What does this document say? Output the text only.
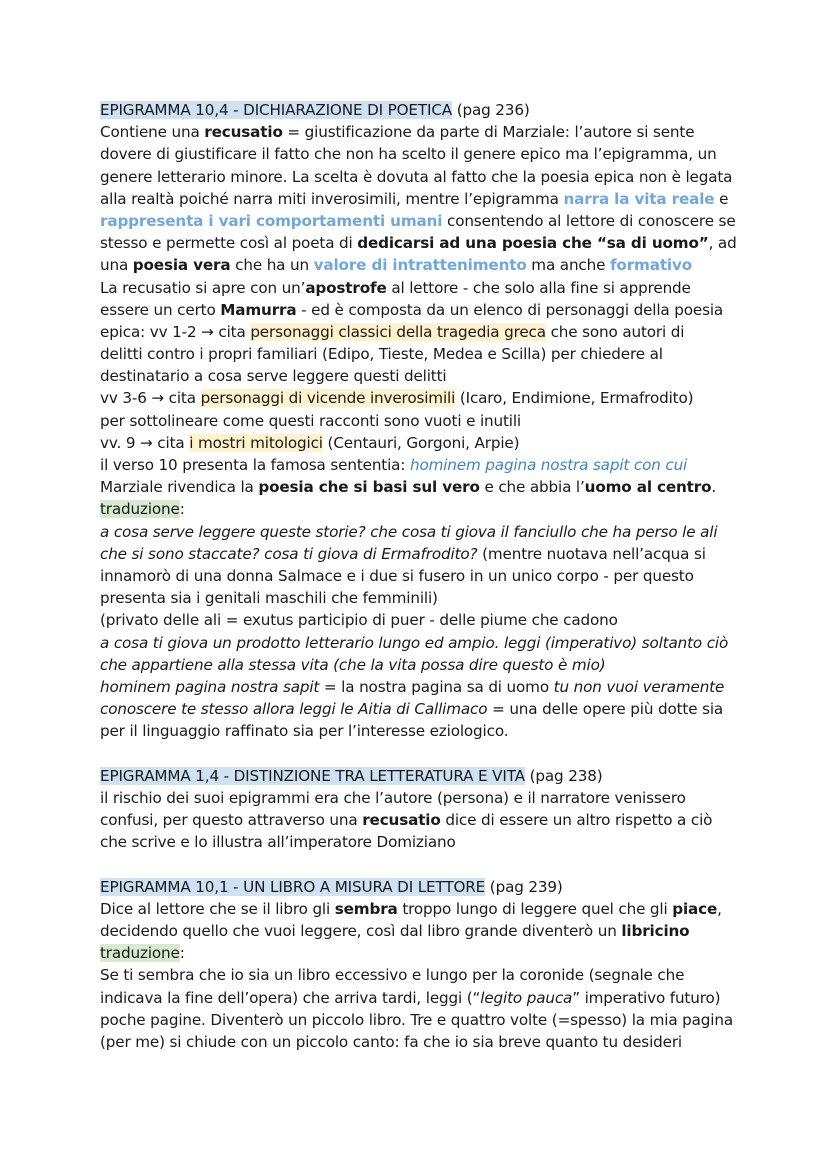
EPIGRAMMA 10,4 - DICHIARAZIONE DI POETICA (pag 236)
Contiene una recusatio = giustificazione da parte di Marziale: l’autore si sente
dovere di giustificare il fatto che non ha scelto il genere epico ma l’epigramma, un
genere letterario minore. La scelta è dovuta al fatto che la poesia epica non è legata
alla realtà poiché narra miti inverosimili, mentre l’epigramma narra la vita reale e
rappresenta i vari comportamenti umani consentendo al lettore di conoscere se
stesso e permette così al poeta di dedicarsi ad una poesia che “sa di uomo”, ad
una poesia vera che ha un valore di intrattenimento ma anche formativo
La recusatio si apre con un’apostrofe al lettore - che solo alla fine si apprende
essere un certo Mamurra - ed è composta da un elenco di personaggi della poesia
epica: vv 1-2 → cita personaggi classici della tragedia greca che sono autori di
delitti contro i propri familiari (Edipo, Tieste, Medea e Scilla) per chiedere al
destinatario a cosa serve leggere questi delitti
vv 3-6 → cita personaggi di vicende inverosimili (Icaro, Endimione, Ermafrodito)
per sottolineare come questi racconti sono vuoti e inutili
vv. 9 → cita i mostri mitologici (Centauri, Gorgoni, Arpie)
il verso 10 presenta la famosa sententia: hominem pagina nostra sapit con cui
Marziale rivendica la poesia che si basi sul vero e che abbia l’uomo al centro.
traduzione:
a cosa serve leggere queste storie? che cosa ti giova il fanciullo che ha perso le ali
che si sono staccate? cosa ti giova di Ermafrodito? (mentre nuotava nell’acqua si
innamorò di una donna Salmace e i due si fusero in un unico corpo - per questo
presenta sia i genitali maschili che femminili)
(privato delle ali = exutus participio di puer - delle piume che cadono
a cosa ti giova un prodotto letterario lungo ed ampio. leggi (imperativo) soltanto ciò
che appartiene alla stessa vita (che la vita possa dire questo è mio)
hominem pagina nostra sapit = la nostra pagina sa di uomo tu non vuoi veramente
conoscere te stesso allora leggi le Aitia di Callimaco = una delle opere più dotte sia
per il linguaggio raffinato sia per l’interesse eziologico.
EPIGRAMMA 1,4 - DISTINZIONE TRA LETTERATURA E VITA (pag 238)
il rischio dei suoi epigrammi era che l’autore (persona) e il narratore venissero
confusi, per questo attraverso una recusatio dice di essere un altro rispetto a ciò
che scrive e lo illustra all’imperatore Domiziano
EPIGRAMMA 10,1 - UN LIBRO A MISURA DI LETTORE (pag 239)
Dice al lettore che se il libro gli sembra troppo lungo di leggere quel che gli piace,
decidendo quello che vuoi leggere, così dal libro grande diventerò un libricino
traduzione:
Se ti sembra che io sia un libro eccessivo e lungo per la coronide (segnale che
indicava la fine dell’opera) che arriva tardi, leggi (“legito pauca” imperativo futuro)
poche pagine. Diventerò un piccolo libro. Tre e quattro volte (=spesso) la mia pagina
(per me) si chiude con un piccolo canto: fa che io sia breve quanto tu desideri
